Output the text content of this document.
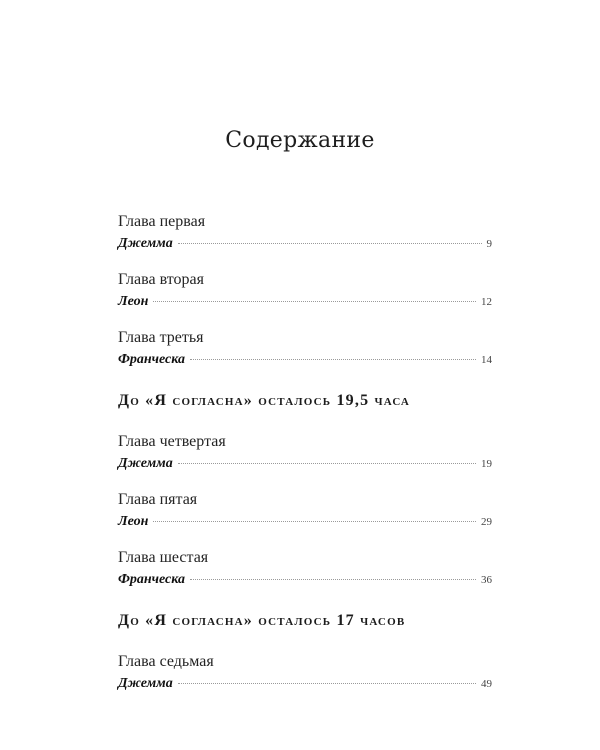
Содержание
Глава первая
Джемма	9
Глава вторая
Леон	12
Глава третья
Франческа	14
До «Я согласна» осталось 19,5 часа
Глава четвертая
Джемма	19
Глава пятая
Леон	29
Глава шестая
Франческа	36
До «Я согласна» осталось 17 часов
Глава седьмая
Джемма	49
